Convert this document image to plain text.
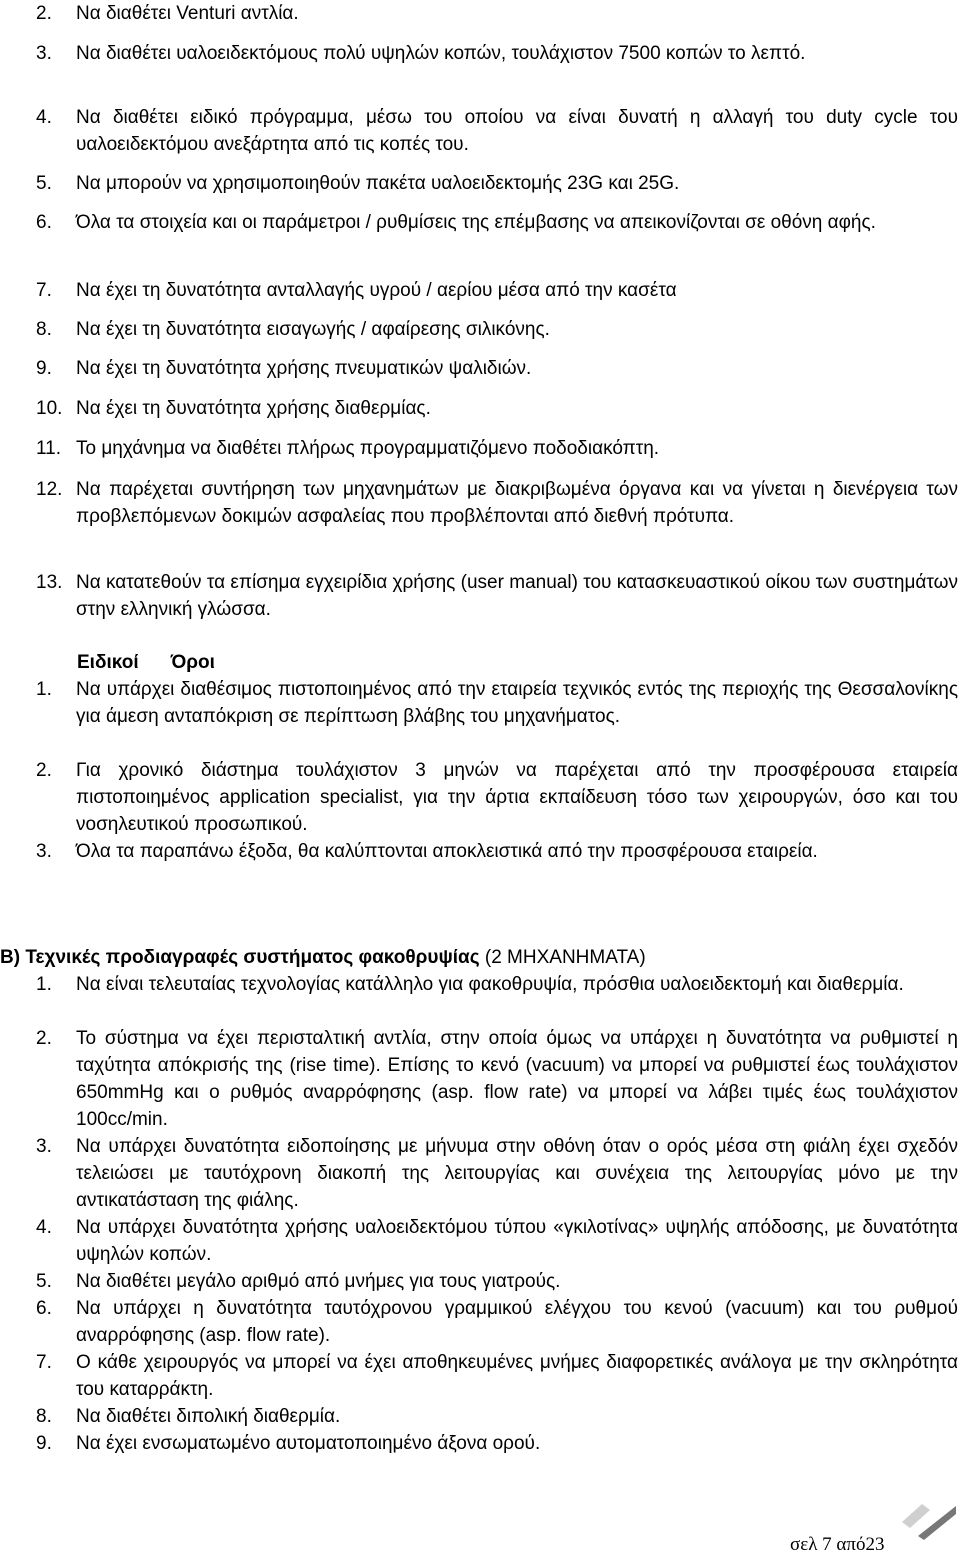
2.	Να διαθέτει Venturi αντλία.
3.	Να διαθέτει υαλοειδεκτόμους πολύ υψηλών κοπών, τουλάχιστον 7500 κοπών το λεπτό.
4.	Να διαθέτει ειδικό πρόγραμμα, μέσω του οποίου να είναι δυνατή η αλλαγή του duty cycle του υαλοειδεκτόμου ανεξάρτητα από τις κοπές του.
5.	Να μπορούν να χρησιμοποιηθούν πακέτα υαλοειδεκτομής 23G και 25G.
6.	Όλα τα στοιχεία και οι παράμετροι / ρυθμίσεις της επέμβασης να απεικονίζονται σε οθόνη αφής.
7.	Να έχει τη δυνατότητα ανταλλαγής υγρού / αερίου μέσα από την κασέτα
8.	Να έχει τη δυνατότητα εισαγωγής / αφαίρεσης σιλικόνης.
9.	Να έχει τη δυνατότητα χρήσης πνευματικών ψαλιδιών.
10. Να έχει τη δυνατότητα χρήσης διαθερμίας.
11. Το μηχάνημα να διαθέτει πλήρως προγραμματιζόμενο ποδοδιακόπτη.
12. Να παρέχεται συντήρηση των μηχανημάτων με διακριβωμένα όργανα και να γίνεται η διενέργεια των προβλεπόμενων δοκιμών ασφαλείας που προβλέπονται από διεθνή πρότυπα.
13. Να κατατεθούν τα επίσημα εγχειρίδια χρήσης (user manual) του κατασκευαστικού οίκου των συστημάτων στην ελληνική γλώσσα.
Ειδικοί Όροι
1.	Να υπάρχει διαθέσιμος πιστοποιημένος από την εταιρεία τεχνικός εντός της περιοχής της Θεσσαλονίκης για άμεση ανταπόκριση σε περίπτωση βλάβης του μηχανήματος.
2.	Για χρονικό διάστημα τουλάχιστον 3 μηνών να παρέχεται από την προσφέρουσα εταιρεία πιστοποιημένος application specialist, για την άρτια εκπαίδευση τόσο των χειρουργών, όσο και του νοσηλευτικού προσωπικού.
3.	Όλα τα παραπάνω έξοδα, θα καλύπτονται αποκλειστικά από την προσφέρουσα εταιρεία.
Β) Τεχνικές προδιαγραφές συστήματος φακοθρυψίας (2 ΜΗΧΑΝΗΜΑΤΑ)
1.	Να είναι τελευταίας τεχνολογίας κατάλληλο για φακοθρυψία, πρόσθια υαλοειδεκτομή και διαθερμία.
2.	Το σύστημα να έχει περισταλτική αντλία, στην οποία όμως να υπάρχει η δυνατότητα να ρυθμιστεί η ταχύτητα απόκρισής της (rise time). Επίσης το κενό (vacuum) να μπορεί να ρυθμιστεί έως τουλάχιστον 650mmHg και ο ρυθμός αναρρόφησης (asp. flow rate) να μπορεί να λάβει τιμές έως τουλάχιστον 100cc/min.
3.	Να υπάρχει δυνατότητα ειδοποίησης με μήνυμα στην οθόνη όταν ο ορός μέσα στη φιάλη έχει σχεδόν τελειώσει με ταυτόχρονη διακοπή της λειτουργίας και συνέχεια της λειτουργίας μόνο με την αντικατάσταση της φιάλης.
4.	Να υπάρχει δυνατότητα χρήσης υαλοειδεκτόμου τύπου «γκιλοτίνας» υψηλής απόδοσης, με δυνατότητα υψηλών κοπών.
5.	Να διαθέτει μεγάλο αριθμό από μνήμες για τους γιατρούς.
6.	Να υπάρχει η δυνατότητα ταυτόχρονου γραμμικού ελέγχου του κενού (vacuum) και του ρυθμού αναρρόφησης (asp. flow rate).
7.	Ο κάθε χειρουργός να μπορεί να έχει αποθηκευμένες μνήμες διαφορετικές ανάλογα με την σκληρότητα του καταρράκτη.
8.	Να διαθέτει διπολική διαθερμία.
9.	Να έχει ενσωματωμένο αυτοματοποιημένο άξονα ορού.
σελ 7 από23
